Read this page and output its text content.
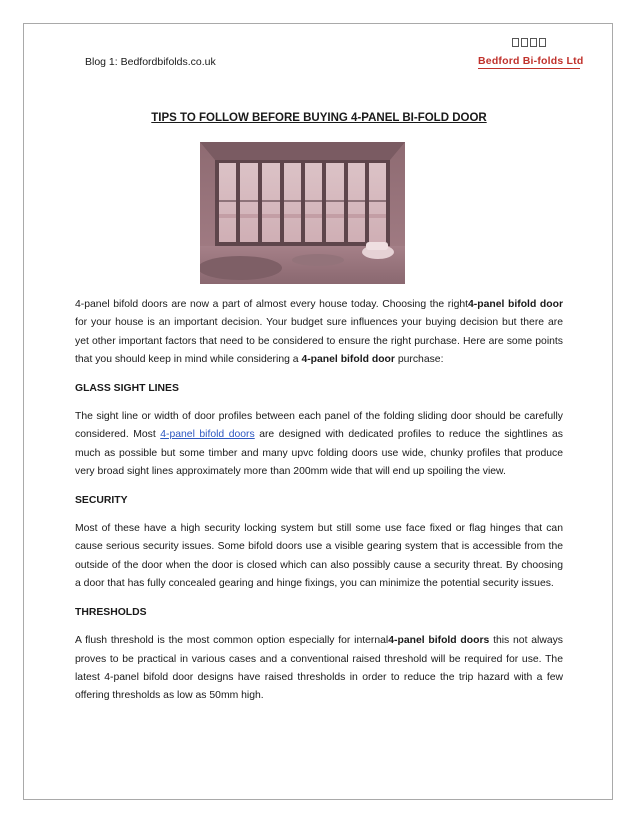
Blog 1: Bedfordbifolds.co.uk	Bedford Bi-folds Ltd
TIPS TO FOLLOW BEFORE BUYING 4-PANEL BI-FOLD DOOR

4-panel bifold doors are now a part of almost every house today. Choosing the right4-panel bifold door for your house is an important decision. Your budget sure influences your buying decision but there are yet other important factors that need to be considered to ensure the right purchase. Here are some points that you should keep in mind while considering a 4-panel bifold door purchase:

GLASS SIGHT LINES

The sight line or width of door profiles between each panel of the folding sliding door should be carefully considered. Most 4-panel bifold doors are designed with dedicated profiles to reduce the sightlines as much as possible but some timber and many upvc folding doors use wide, chunky profiles that produce very broad sight lines approximately more than 200mm wide that will end up spoiling the view.

SECURITY

Most of these have a high security locking system but still some use face fixed or flag hinges that can cause serious security issues. Some bifold doors use a visible gearing system that is accessible from the outside of the door when the door is closed which can also possibly cause a security threat. By choosing a door that has fully concealed gearing and hinge fixings, you can minimize the potential security issues.

THRESHOLDS

A flush threshold is the most common option especially for internal4-panel bifold doors this not always proves to be practical in various cases and a conventional raised threshold will be required for use. The latest 4-panel bifold door designs have raised thresholds in order to reduce the trip hazard with a few offering thresholds as low as 50mm high.
